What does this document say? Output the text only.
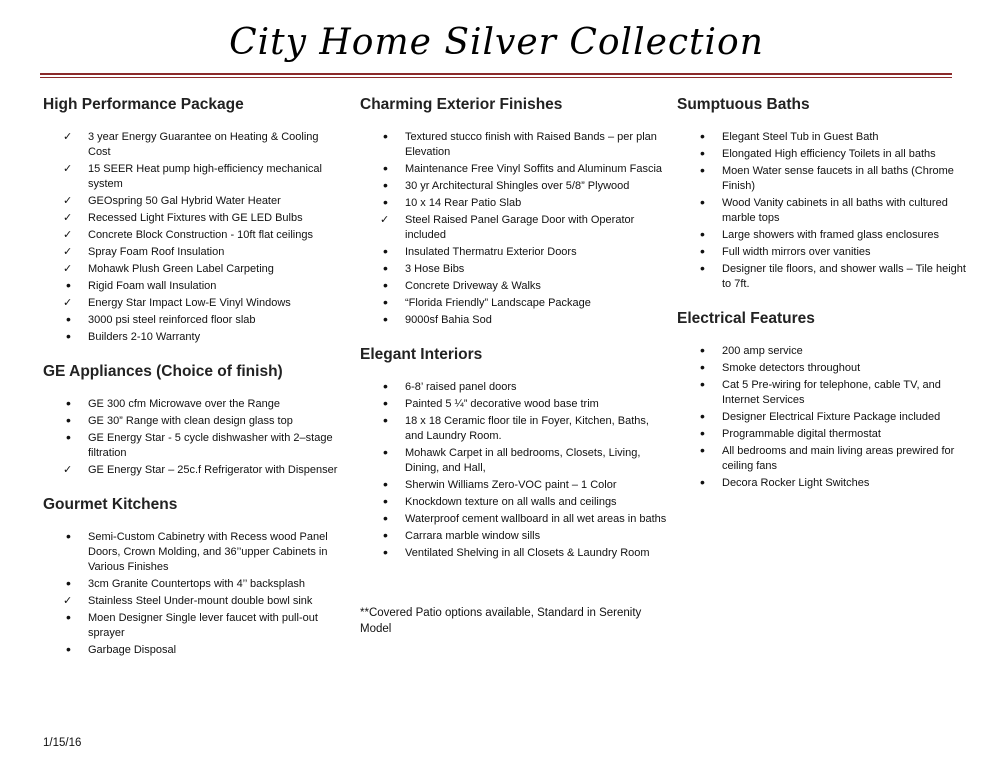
City Home Silver Collection
High Performance Package
✓	3 year Energy Guarantee on Heating & Cooling Cost
✓	15 SEER Heat pump high-efficiency mechanical system
✓	GEOspring 50 Gal Hybrid Water Heater
✓	Recessed Light Fixtures with GE LED Bulbs
✓	Concrete Block Construction - 10ft flat ceilings
✓	Spray Foam Roof Insulation
✓	Mohawk Plush Green Label Carpeting
•	Rigid Foam wall Insulation
✓	Energy Star Impact Low-E Vinyl Windows
•	3000 psi steel reinforced floor slab
•	Builders 2-10 Warranty
GE Appliances (Choice of finish)
•	GE 300 cfm Microwave over the Range
•	GE 30” Range with clean design glass top
•	GE Energy Star - 5 cycle dishwasher with 2–stage filtration
✓	GE Energy Star – 25c.f Refrigerator with Dispenser
Gourmet Kitchens
•	Semi-Custom Cabinetry with Recess wood Panel Doors, Crown Molding, and 36’’upper Cabinets in Various Finishes
•	3cm Granite Countertops with 4’’ backsplash
✓	Stainless Steel Under-mount double bowl sink
•	Moen Designer Single lever faucet with pull-out sprayer
•	Garbage Disposal
Charming Exterior Finishes
•	Textured stucco finish with Raised Bands – per plan Elevation
•	Maintenance Free Vinyl Soffits and Aluminum Fascia
•	30 yr Architectural Shingles over 5/8” Plywood
•	10 x 14 Rear Patio Slab
✓	Steel Raised Panel Garage Door with Operator included
•	Insulated Thermatru Exterior Doors
•	3 Hose Bibs
•	Concrete Driveway & Walks
•	“Florida Friendly” Landscape Package
•	9000sf Bahia Sod
Elegant Interiors
•	6-8’ raised panel doors
•	Painted 5 ¼” decorative wood base trim
•	18 x 18 Ceramic floor tile in Foyer, Kitchen, Baths, and Laundry Room.
•	Mohawk Carpet in all bedrooms, Closets, Living, Dining, and Hall,
•	Sherwin Williams Zero-VOC paint – 1 Color
•	Knockdown texture on all walls and ceilings
•	Waterproof cement wallboard in all wet areas in baths
•	Carrara marble window sills
•	Ventilated Shelving in all Closets & Laundry Room
**Covered Patio options available, Standard in Serenity Model
Sumptuous Baths
•	Elegant Steel Tub in Guest Bath
•	Elongated High efficiency Toilets in all baths
•	Moen Water sense faucets in all baths (Chrome Finish)
•	Wood Vanity cabinets in all baths with cultured marble tops
•	Large showers with framed glass enclosures
•	Full width mirrors over vanities
•	Designer tile floors, and shower walls – Tile height to 7ft.
Electrical Features
•	200 amp service
•	Smoke detectors throughout
•	Cat 5 Pre-wiring for telephone, cable TV, and Internet Services
•	Designer Electrical Fixture Package included
•	Programmable digital thermostat
•	All bedrooms and main living areas prewired for ceiling fans
•	Decora Rocker Light Switches
1/15/16
